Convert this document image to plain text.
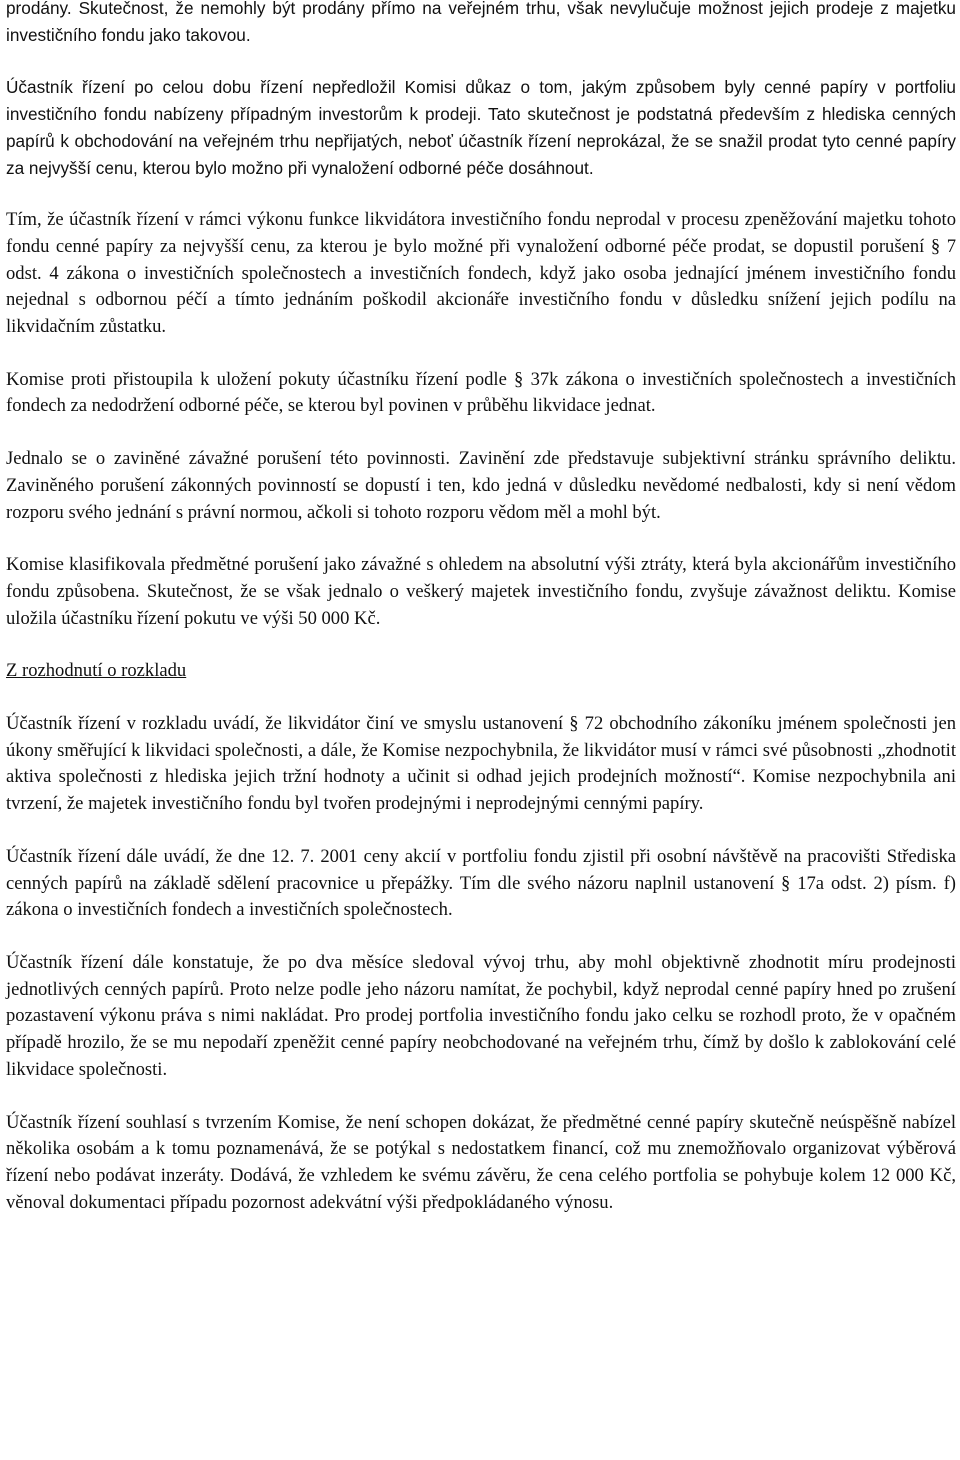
prodány. Skutečnost, že nemohly být prodány přímo na veřejném trhu, však nevylučuje možnost jejich prodeje z majetku investičního fondu jako takovou.

Účastník řízení po celou dobu řízení nepředložil Komisi důkaz o tom, jakým způsobem byly cenné papíry v portfoliu investičního fondu nabízeny případným investorům k prodeji. Tato skutečnost je podstatná především z hlediska cenných papírů k obchodování na veřejném trhu nepřijatých, neboť účastník řízení neprokázal, že se snažil prodat tyto cenné papíry za nejvyšší cenu, kterou bylo možno při vynaložení odborné péče dosáhnout.

Tím, že účastník řízení v rámci výkonu funkce likvidátora investičního fondu neprodal v procesu zpeněžování majetku tohoto fondu cenné papíry za nejvyšší cenu, za kterou je bylo možné při vynaložení odborné péče prodat, se dopustil porušení § 7 odst. 4 zákona o investičních společnostech a investičních fondech, když jako osoba jednající jménem investičního fondu nejednal s odbornou péčí a tímto jednáním poškodil akcionáře investičního fondu v důsledku snížení jejich podílu na likvidačním zůstatku.

Komise proti přistoupila k uložení pokuty účastníku řízení podle § 37k zákona o investičních společnostech a investičních fondech za nedodržení odborné péče, se kterou byl povinen v průběhu likvidace jednat.

Jednalo se o zaviněné závažné porušení této povinnosti. Zavinění zde představuje subjektivní stránku správního deliktu. Zaviněného porušení zákonných povinností se dopustí i ten, kdo jedná v důsledku nevědomé nedbalosti, kdy si není vědom rozporu svého jednání s právní normou, ačkoli si tohoto rozporu vědom měl a mohl být.

Komise klasifikovala předmětné porušení jako závažné s ohledem na absolutní výši ztráty, která byla akcionářům investičního fondu způsobena. Skutečnost, že se však jednalo o veškerý majetek investičního fondu, zvyšuje závažnost deliktu. Komise uložila účastníku řízení pokutu ve výši 50 000 Kč.

Z rozhodnutí o rozkladu

Účastník řízení v rozkladu uvádí, že likvidátor činí ve smyslu ustanovení § 72 obchodního zákoníku jménem společnosti jen úkony směřující k likvidaci společnosti, a dále, že Komise nezpochybnila, že likvidátor musí v rámci své působnosti „zhodnotit aktiva společnosti z hlediska jejich tržní hodnoty a učinit si odhad jejich prodejních možností“. Komise nezpochybnila ani tvrzení, že majetek investičního fondu byl tvořen prodejnými i neprodejnými cennými papíry.

Účastník řízení dále uvádí, že dne 12. 7. 2001 ceny akcií v portfoliu fondu zjistil při osobní návštěvě na pracovišti Střediska cenných papírů na základě sdělení pracovnice u přepážky. Tím dle svého názoru naplnil ustanovení § 17a odst. 2) písm. f) zákona o investičních fondech a investičních společnostech.

Účastník řízení dále konstatuje, že po dva měsíce sledoval vývoj trhu, aby mohl objektivně zhodnotit míru prodejnosti jednotlivých cenných papírů. Proto nelze podle jeho názoru namítat, že pochybil, když neprodal cenné papíry hned po zrušení pozastavení výkonu práva s nimi nakládat. Pro prodej portfolia investičního fondu jako celku se rozhodl proto, že v opačném případě hrozilo, že se mu nepodaří zpeněžit cenné papíry neobchodované na veřejném trhu, čímž by došlo k zablokování celé likvidace společnosti.

Účastník řízení souhlasí s tvrzením Komise, že není schopen dokázat, že předmětné cenné papíry skutečně neúspěšně nabízel několika osobám a k tomu poznamenává, že se potýkal s nedostatkem financí, což mu znemožňovalo organizovat výběrová řízení nebo podávat inzeráty. Dodává, že vzhledem ke svému závěru, že cena celého portfolia se pohybuje kolem 12 000 Kč, věnoval dokumentaci případu pozornost adekvátní výši předpokládaného výnosu.
